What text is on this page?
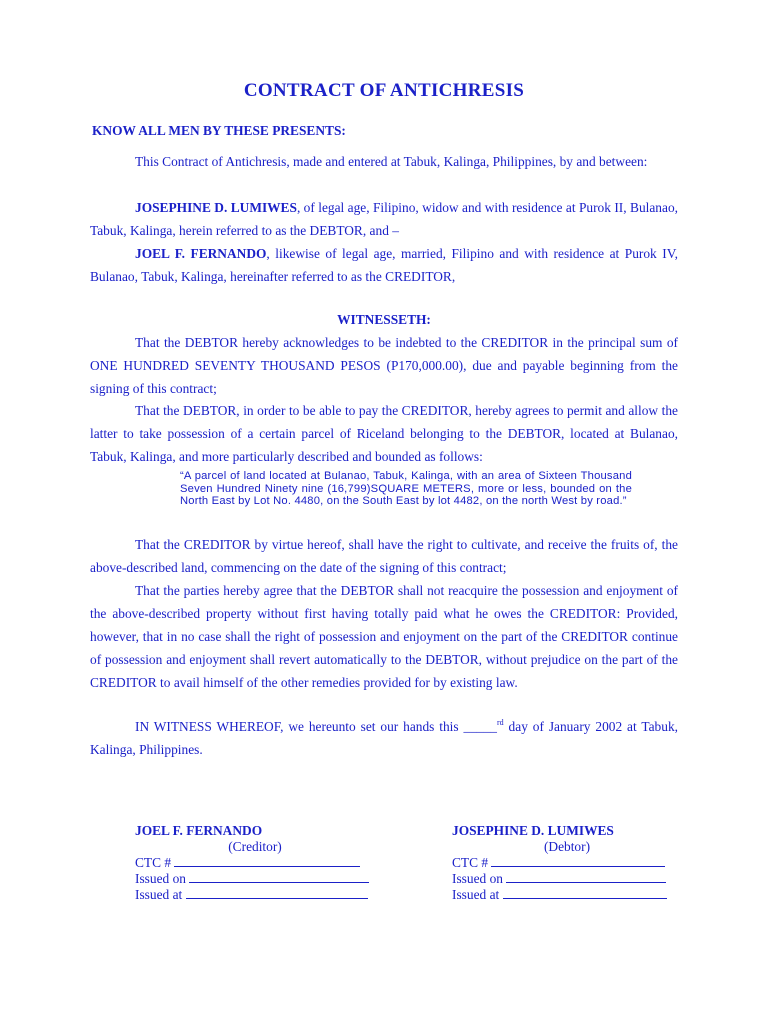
CONTRACT OF ANTICHRESIS
KNOW ALL MEN BY THESE PRESENTS:
This Contract of Antichresis, made and entered at Tabuk, Kalinga, Philippines, by and between:
JOSEPHINE D. LUMIWES, of legal age, Filipino, widow and with residence at Purok II, Bulanao, Tabuk, Kalinga, herein referred to as the DEBTOR, and –
JOEL F. FERNANDO, likewise of legal age, married, Filipino and with residence at Purok IV, Bulanao, Tabuk, Kalinga, hereinafter referred to as the CREDITOR,
WITNESSETH:
That the DEBTOR hereby acknowledges to be indebted to the CREDITOR in the principal sum of ONE HUNDRED SEVENTY THOUSAND PESOS (P170,000.00), due and payable beginning from the signing of this contract;
That the DEBTOR, in order to be able to pay the CREDITOR, hereby agrees to permit and allow the latter to take possession of a certain parcel of Riceland belonging to the DEBTOR, located at Bulanao, Tabuk, Kalinga, and more particularly described and bounded as follows:
“A parcel of land located at Bulanao, Tabuk, Kalinga, with an area of Sixteen Thousand Seven Hundred Ninety nine (16,799)SQUARE METERS, more or less, bounded on the North East by Lot No. 4480, on the South East by lot 4482, on the north West by road.”
That the CREDITOR by virtue hereof, shall have the right to cultivate, and receive the fruits of, the above-described land, commencing on the date of the signing of this contract;
That the parties hereby agree that the DEBTOR shall not reacquire the possession and enjoyment of the above-described property without first having totally paid what he owes the CREDITOR: Provided, however, that in no case shall the right of possession and enjoyment on the part of the CREDITOR continue of possession and enjoyment shall revert automatically to the DEBTOR, without prejudice on the part of the CREDITOR to avail himself of the other remedies provided for by existing law.
IN WITNESS WHEREOF, we hereunto set our hands this _____$^{rd}$ day of January 2002 at Tabuk, Kalinga, Philippines.
JOEL F. FERNANDO
(Creditor)
CTC #
Issued on
Issued at
JOSEPHINE D. LUMIWES
(Debtor)
CTC #
Issued on
Issued at
